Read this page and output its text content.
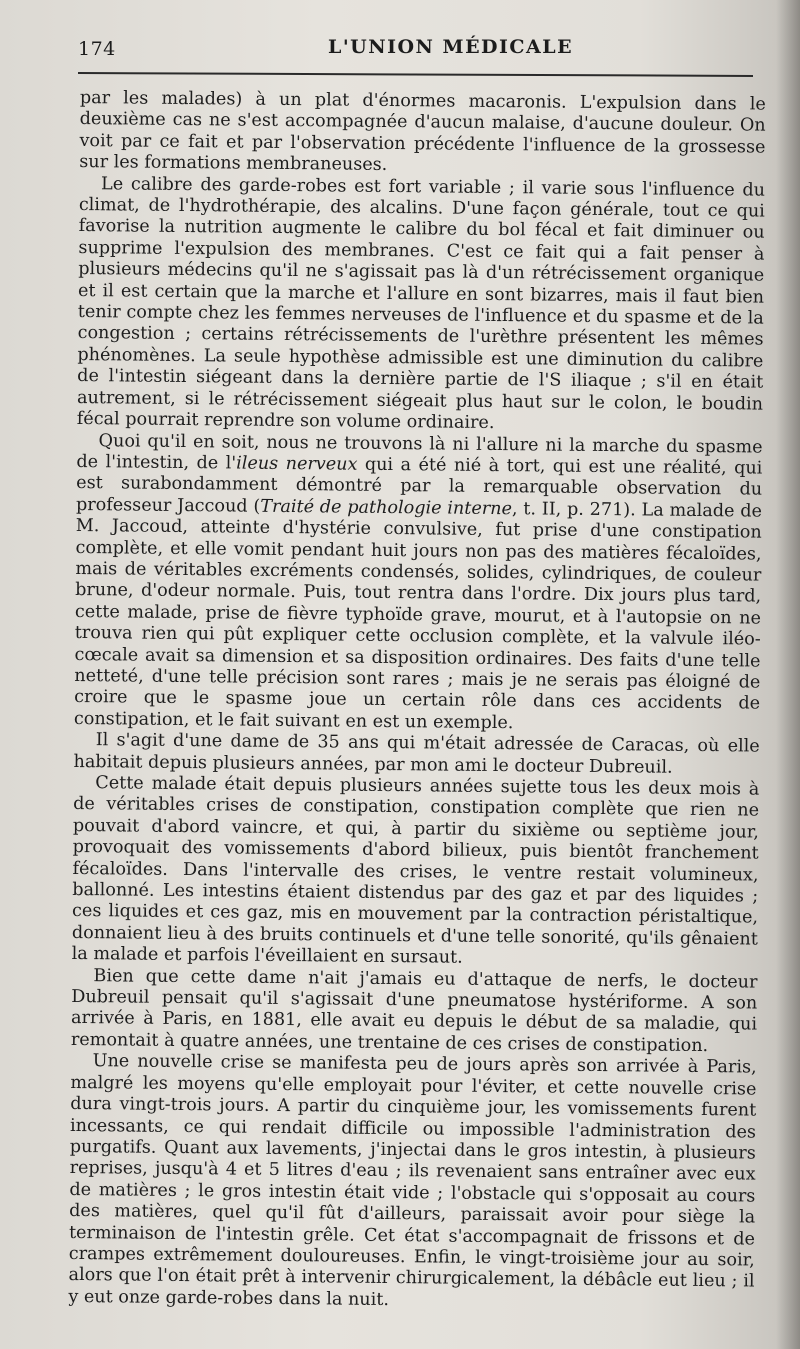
174	L'UNION MÉDICALE

par les malades) à un plat d'énormes macaronis. L'expulsion dans le deuxième cas ne s'est accompagnée d'aucun malaise, d'aucune douleur. On voit par ce fait et par l'observation précédente l'influence de la grossesse sur les formations membraneuses.

Le calibre des garde-robes est fort variable ; il varie sous l'influence du climat, de l'hydrothérapie, des alcalins. D'une façon générale, tout ce qui favorise la nutrition augmente le calibre du bol fécal et fait diminuer ou supprime l'expulsion des membranes. C'est ce fait qui a fait penser à plusieurs médecins qu'il ne s'agissait pas là d'un rétrécissement organique et il est certain que la marche et l'allure en sont bizarres, mais il faut bien tenir compte chez les femmes nerveuses de l'influence et du spasme et de la congestion ; certains rétrécissements de l'urèthre présentent les mêmes phénomènes. La seule hypothèse admissible est une diminution du calibre de l'intestin siégeant dans la dernière partie de l'S iliaque ; s'il en était autrement, si le rétrécissement siégeait plus haut sur le colon, le boudin fécal pourrait reprendre son volume ordinaire.

Quoi qu'il en soit, nous ne trouvons là ni l'allure ni la marche du spasme de l'intestin, de l'ileus nerveux qui a été nié à tort, qui est une réalité, qui est surabondamment démontré par la remarquable observation du professeur Jaccoud (Traité de pathologie interne, t. II, p. 271). La malade de M. Jaccoud, atteinte d'hystérie convulsive, fut prise d'une constipation complète, et elle vomit pendant huit jours non pas des matières fécaloïdes, mais de véritables excréments condensés, solides, cylindriques, de couleur brune, d'odeur normale. Puis, tout rentra dans l'ordre. Dix jours plus tard, cette malade, prise de fièvre typhoïde grave, mourut, et à l'autopsie on ne trouva rien qui pût expliquer cette occlusion complète, et la valvule iléo-cœcale avait sa dimension et sa disposition ordinaires. Des faits d'une telle netteté, d'une telle précision sont rares ; mais je ne serais pas éloigné de croire que le spasme joue un certain rôle dans ces accidents de constipation, et le fait suivant en est un exemple.

Il s'agit d'une dame de 35 ans qui m'était adressée de Caracas, où elle habitait depuis plusieurs années, par mon ami le docteur Dubreuil.

Cette malade était depuis plusieurs années sujette tous les deux mois à de véritables crises de constipation, constipation complète que rien ne pouvait d'abord vaincre, et qui, à partir du sixième ou septième jour, provoquait des vomissements d'abord bilieux, puis bientôt franchement fécaloïdes. Dans l'intervalle des crises, le ventre restait volumineux, ballonné. Les intestins étaient distendus par des gaz et par des liquides ; ces liquides et ces gaz, mis en mouvement par la contraction péristaltique, donnaient lieu à des bruits continuels et d'une telle sonorité, qu'ils gênaient la malade et parfois l'éveillaient en sursaut.

Bien que cette dame n'ait j'amais eu d'attaque de nerfs, le docteur Dubreuil pensait qu'il s'agissait d'une pneumatose hystériforme. A son arrivée à Paris, en 1881, elle avait eu depuis le début de sa maladie, qui remontait à quatre années, une trentaine de ces crises de constipation.

Une nouvelle crise se manifesta peu de jours après son arrivée à Paris, malgré les moyens qu'elle employait pour l'éviter, et cette nouvelle crise dura vingt-trois jours. A partir du cinquième jour, les vomissements furent incessants, ce qui rendait difficile ou impossible l'administration des purgatifs. Quant aux lavements, j'injectai dans le gros intestin, à plusieurs reprises, jusqu'à 4 et 5 litres d'eau ; ils revenaient sans entraîner avec eux de matières ; le gros intestin était vide ; l'obstacle qui s'opposait au cours des matières, quel qu'il fût d'ailleurs, paraissait avoir pour siège la terminaison de l'intestin grêle. Cet état s'accompagnait de frissons et de crampes extrêmement douloureuses. Enfin, le vingt-troisième jour au soir, alors que l'on était prêt à intervenir chirurgicalement, la débâcle eut lieu ; il y eut onze garde-robes dans la nuit.
